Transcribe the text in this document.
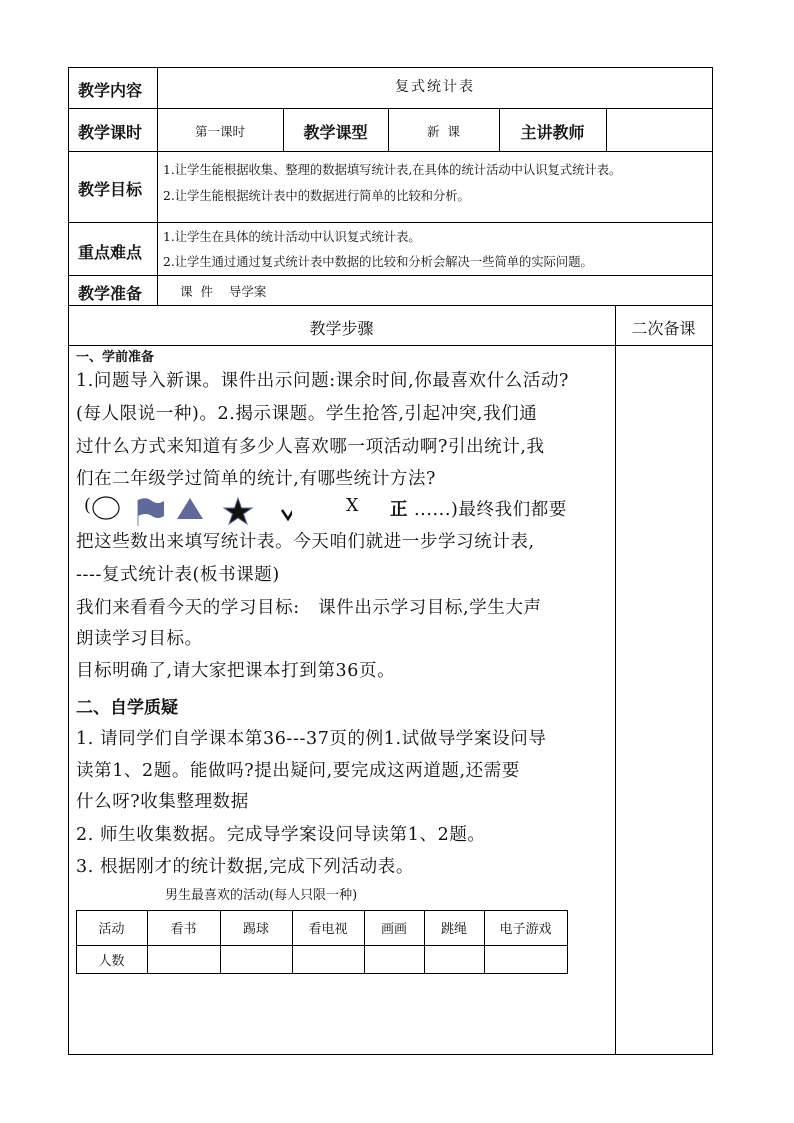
教学内容	复式统计表
教学课时	第一课时	教学课型	新  课	主讲教师
教学目标
1.让学生能根据收集、整理的数据填写统计表,在具体的统计活动中认识复式统计表。
2.让学生能根据统计表中的数据进行简单的比较和分析。
重点难点
1.让学生在具体的统计活动中认识复式统计表。
2.让学生通过通过复式统计表中数据的比较和分析会解决一些简单的实际问题。
教学准备	课  件    导学案
教学步骤	二次备课
一、学前准备
1.问题导入新课。课件出示问题:课余时间,你最喜欢什么活动?
(每人限说一种)。2.揭示课题。学生抢答,引起冲突,我们通
过什么方式来知道有多少人喜欢哪一项活动啊?引出统计,我
们在二年级学过简单的统计,有哪些统计方法?
(	X 正 ......)最终我们都要
把这些数出来填写统计表。今天咱们就进一步学习统计表,
----复式统计表(板书课题)
我们来看看今天的学习目标:   课件出示学习目标,学生大声
朗读学习目标。
目标明确了,请大家把课本打到第36页。
二、自学质疑
1. 请同学们自学课本第36---37页的例1.试做导学案设问导
读第1、2题。能做吗?提出疑问,要完成这两道题,还需要
什么呀?收集整理数据
2. 师生收集数据。完成导学案设问导读第1、2题。
3. 根据刚才的统计数据,完成下列活动表。
男生最喜欢的活动(每人只限一种)
活动	看书	踢球	看电视	画画	跳绳	电子游戏
人数
